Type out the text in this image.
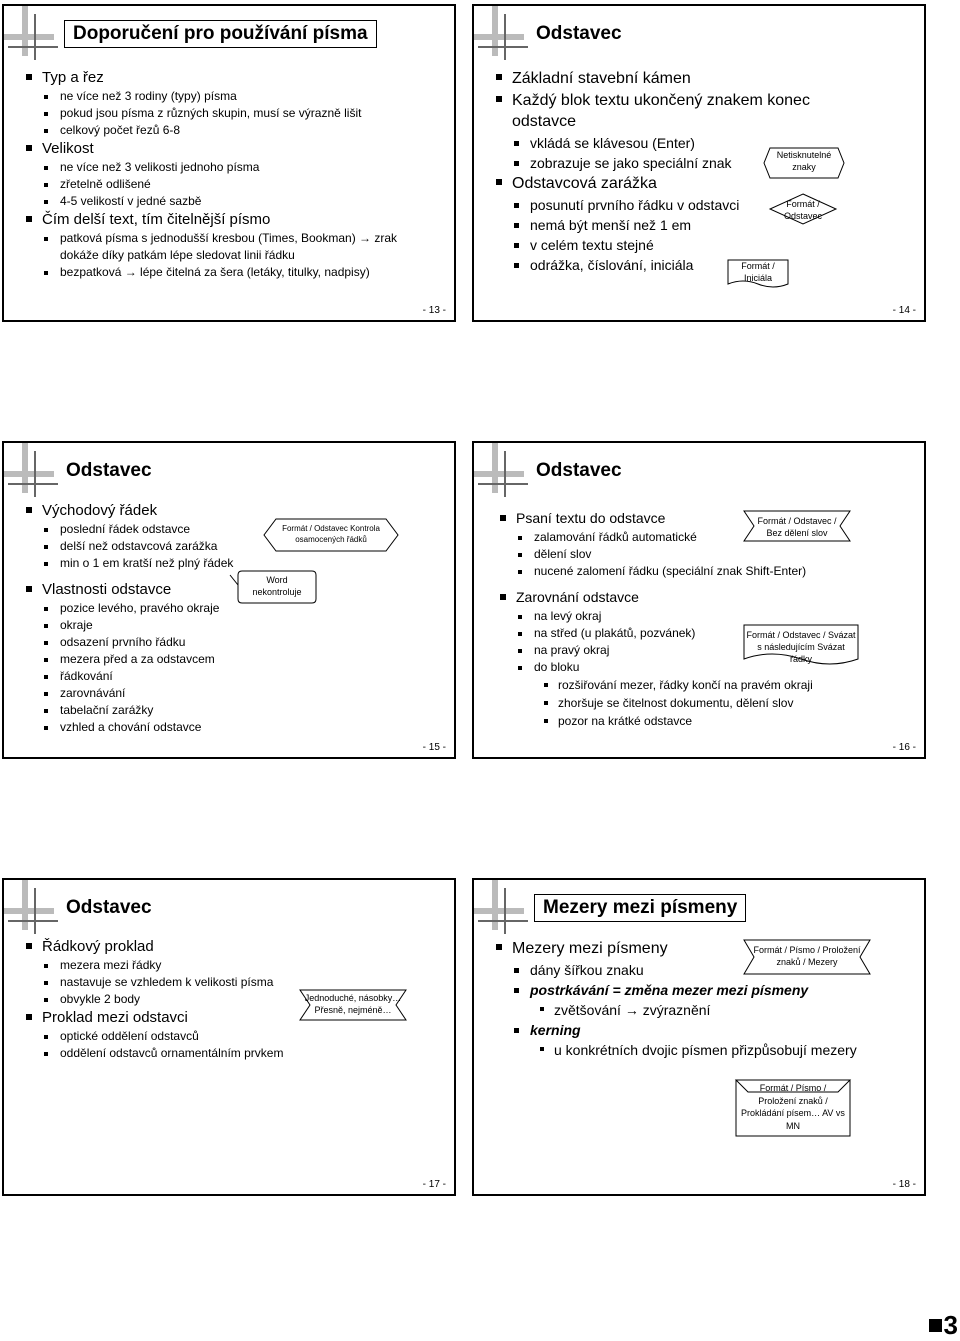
Doporučení pro používání písma
Typ a řez
ne více než 3 rodiny (typy) písma
pokud jsou písma z různých skupin, musí se výrazně lišit
celkový počet řezů 6-8
Velikost
ne více než 3 velikosti jednoho písma
zřetelně odlišené
4-5 velikostí v jedné sazbě
Čím delší text, tím čitelnější písmo
patková písma s jednodušší kresbou (Times, Bookman) → zrak dokáže díky patkám lépe sledovat linii řádku
bezpatková → lépe čitelná za šera (letáky, titulky, nadpisy)
- 13 -
Odstavec
Základní stavební kámen
Každý blok textu ukončený znakem konec odstavce
vkládá se klávesou (Enter)
zobrazuje se jako speciální znak
Odstavcová zarážka
posunutí prvního řádku v odstavci
nemá být menší než 1 em
v celém textu stejné
odrážka, číslování, iniciála
Netisknutelné znaky
Formát / Odstavec
Formát / Iniciála
- 14 -
Odstavec
Východový řádek
poslední řádek odstavce
delší než odstavcová zarážka
min o 1 em kratší než plný řádek
Vlastnosti odstavce
pozice levého, pravého okraje
okraje
odsazení prvního řádku
mezera před a za odstavcem
řádkování
zarovnávání
tabelační zarážky
vzhled a chování odstavce
Formát / Odstavec Kontrola osamocených řádků
Word nekontroluje
- 15 -
Odstavec
Psaní textu do odstavce
zalamování řádků automatické
dělení slov
nucené zalomení řádku (speciální znak Shift-Enter)
Zarovnání odstavce
na levý okraj
na střed (u plakátů, pozvánek)
na pravý okraj
do bloku
rozšiřování mezer, řádky končí na pravém okraji
zhoršuje se čitelnost dokumentu, dělení slov
pozor na krátké odstavce
Formát / Odstavec / Bez dělení slov
Formát / Odstavec / Svázat s následujícím Svázat řádky
- 16 -
Odstavec
Řádkový proklad
mezera mezi řádky
nastavuje se vzhledem k velikosti písma
obvykle 2 body
Proklad mezi odstavci
optické oddělení odstavců
oddělení odstavců ornamentálním prvkem
Jednoduché, násobky… Přesně, nejméně…
- 17 -
Mezery mezi písmeny
Mezery mezi písmeny
dány šířkou znaku
postrkávání = změna mezer mezi písmeny
zvětšování → zvýraznění
kerning
u konkrétních dvojic písmen přizpůsobují mezery
Formát / Písmo / Proložení znaků / Mezery
Formát / Písmo / Proložení znaků / Prokládání písem… AV vs MN
- 18 -
3
